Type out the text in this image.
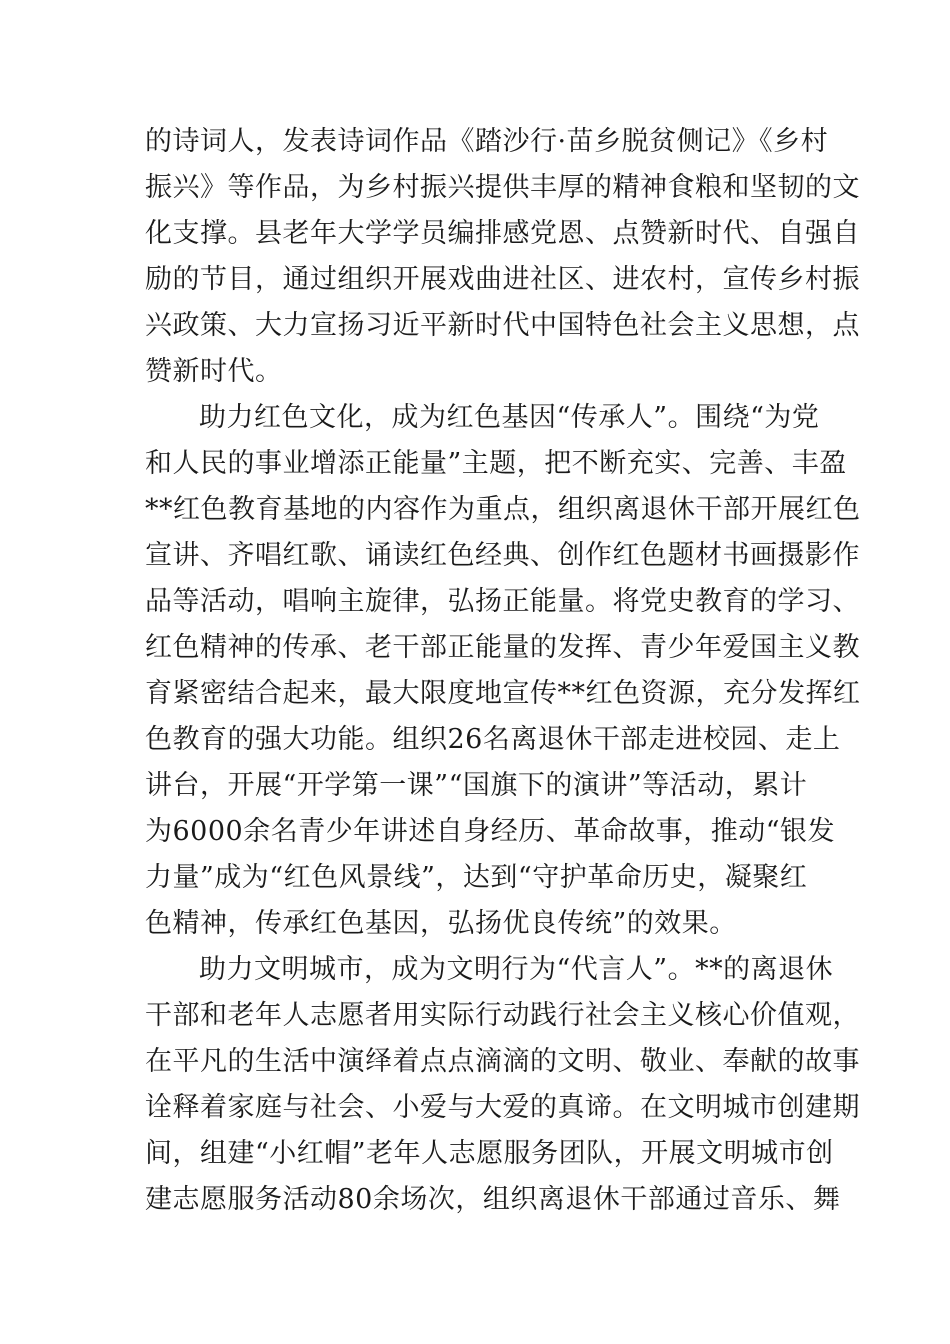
的诗词人，发表诗词作品《踏沙行·苗乡脱贫侧记》《乡村

振兴》等作品，为乡村振兴提供丰厚的精神食粮和坚韧的文

化支撑。县老年大学学员编排感党恩、点赞新时代、自强自

励的节目，通过组织开展戏曲进社区、进农村，宣传乡村振

兴政策、大力宣扬习近平新时代中国特色社会主义思想，点

赞新时代。

助力红色文化，成为红色基因“传承人”。围绕“为党

和人民的事业增添正能量”主题，把不断充实、完善、丰盈

**红色教育基地的内容作为重点，组织离退休干部开展红色

宣讲、齐唱红歌、诵读红色经典、创作红色题材书画摄影作

品等活动，唱响主旋律，弘扬正能量。将党史教育的学习、

红色精神的传承、老干部正能量的发挥、青少年爱国主义教

育紧密结合起来，最大限度地宣传**红色资源，充分发挥红

色教育的强大功能。组织26名离退休干部走进校园、走上

讲台，开展“开学第一课”“国旗下的演讲”等活动，累计

为6000余名青少年讲述自身经历、革命故事，推动“银发

力量”成为“红色风景线”，达到“守护革命历史，凝聚红

色精神，传承红色基因，弘扬优良传统”的效果。

助力文明城市，成为文明行为“代言人”。**的离退休

干部和老年人志愿者用实际行动践行社会主义核心价值观，

在平凡的生活中演绎着点点滴滴的文明、敬业、奉献的故事

诠释着家庭与社会、小爱与大爱的真谛。在文明城市创建期

间，组建“小红帽”老年人志愿服务团队，开展文明城市创

建志愿服务活动80余场次，组织离退休干部通过音乐、舞
